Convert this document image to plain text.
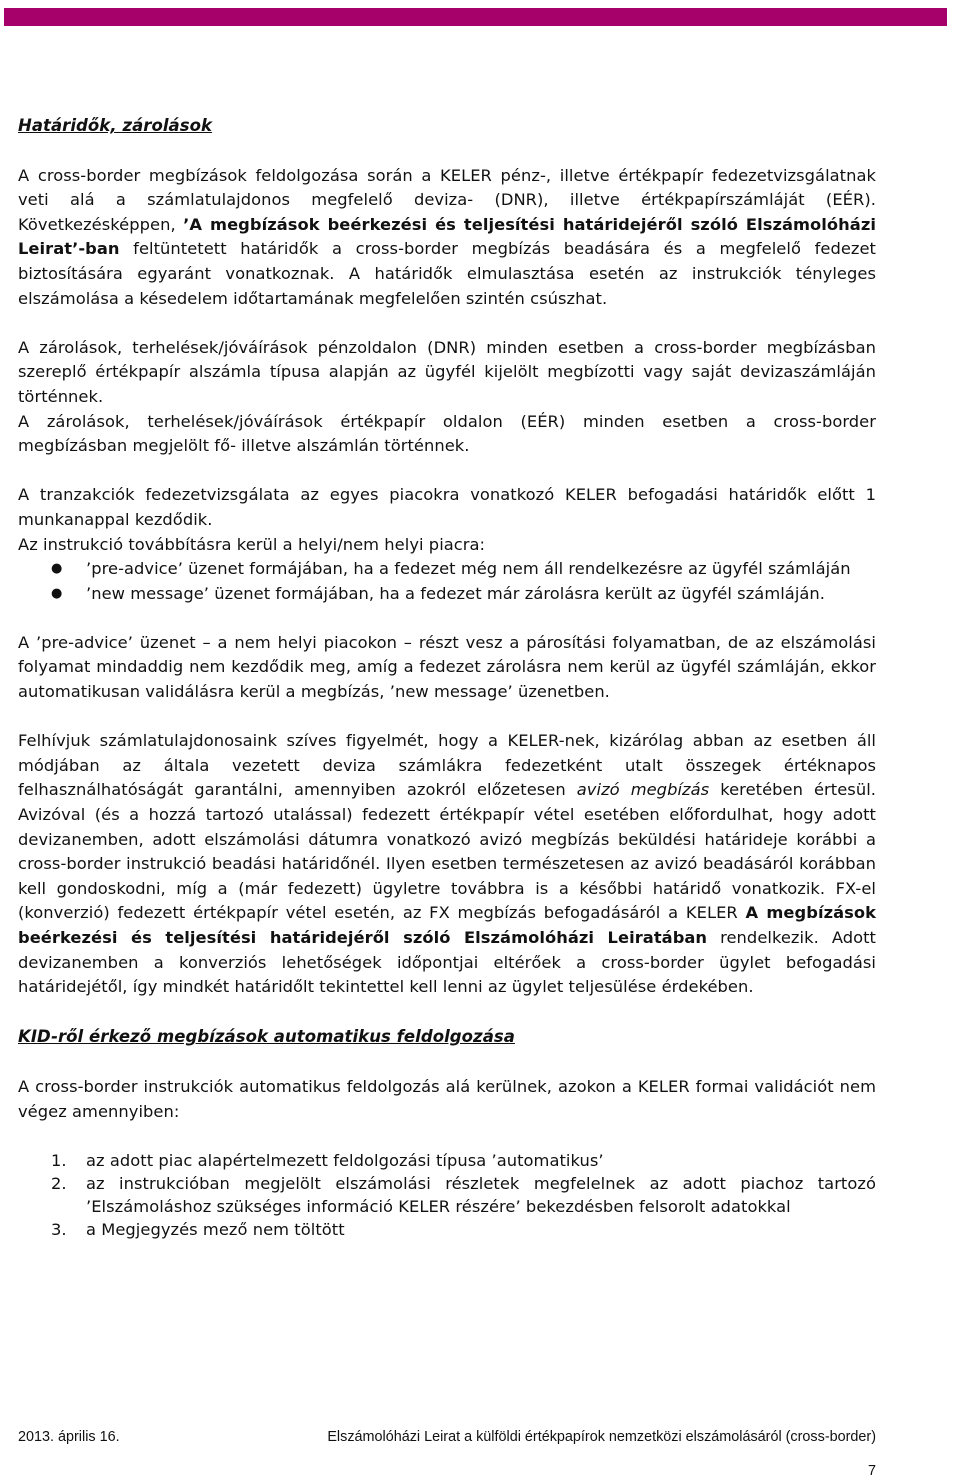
Határidők, zárolások

A cross-border megbízások feldolgozása során a KELER pénz-, illetve értékpapír fedezetvizsgálatnak veti alá a számlatulajdonos megfelelő deviza- (DNR), illetve értékpapírszámláját (EÉR). Következésképpen, ’A megbízások beérkezési és teljesítési határidejéről szóló Elszámolóházi Leirat’-ban feltüntetett határidők a cross-border megbízás beadására és a megfelelő fedezet biztosítására egyaránt vonatkoznak. A határidők elmulasztása esetén az instrukciók tényleges elszámolása a késedelem időtartamának megfelelően szintén csúszhat.

A zárolások, terhelések/jóváírások pénzoldalon (DNR) minden esetben a cross-border megbízásban szereplő értékpapír alszámla típusa alapján az ügyfél kijelölt megbízotti vagy saját devizaszámláján történnek.

A zárolások, terhelések/jóváírások értékpapír oldalon (EÉR) minden esetben a cross-border megbízásban megjelölt fő- illetve alszámlán történnek.

A tranzakciók fedezetvizsgálata az egyes piacokra vonatkozó KELER befogadási határidők előtt 1 munkanappal kezdődik.

Az instrukció továbbításra kerül a helyi/nem helyi piacra:

● ’pre-advice’ üzenet formájában, ha a fedezet még nem áll rendelkezésre az ügyfél számláján
● ’new message’ üzenet formájában, ha a fedezet már zárolásra került az ügyfél számláján.

A ’pre-advice’ üzenet – a nem helyi piacokon – részt vesz a párosítási folyamatban, de az elszámolási folyamat mindaddig nem kezdődik meg, amíg a fedezet zárolásra nem kerül az ügyfél számláján, ekkor automatikusan validálásra kerül a megbízás, ’new message’ üzenetben.

Felhívjuk számlatulajdonosaink szíves figyelmét, hogy a KELER-nek, kizárólag abban az esetben áll módjában az általa vezetett deviza számlákra fedezetként utalt összegek értéknapos felhasználhatóságát garantálni, amennyiben azokról előzetesen avizó megbízás keretében értesül. Avizóval (és a hozzá tartozó utalással) fedezett értékpapír vétel esetében előfordulhat, hogy adott devizanemben, adott elszámolási dátumra vonatkozó avizó megbízás beküldési határideje korábbi a cross-border instrukció beadási határidőnél. Ilyen esetben természetesen az avizó beadásáról korábban kell gondoskodni, míg a (már fedezett) ügyletre továbbra is a későbbi határidő vonatkozik. FX-el (konverzió) fedezett értékpapír vétel esetén, az FX megbízás befogadásáról a KELER A megbízások beérkezési és teljesítési határidejéről szóló Elszámolóházi Leiratában rendelkezik. Adott devizanemben a konverziós lehetőségek időpontjai eltérőek a cross-border ügylet befogadási határidejétől, így mindkét határidőlt tekintettel kell lenni az ügylet teljesülése érdekében.

KID-ről érkező megbízások automatikus feldolgozása

A cross-border instrukciók automatikus feldolgozás alá kerülnek, azokon a KELER formai validációt nem végez amennyiben:

1. az adott piac alapértelmezett feldolgozási típusa ’automatikus’
2. az instrukcióban megjelölt elszámolási részletek megfelelnek az adott piachoz tartozó ’Elszámoláshoz szükséges információ KELER részére’ bekezdésben felsorolt adatokkal
3. a Megjegyzés mező nem töltött
2013. április 16.	Elszámolóházi Leirat a külföldi értékpapírok nemzetközi elszámolásáról (cross-border)
7
